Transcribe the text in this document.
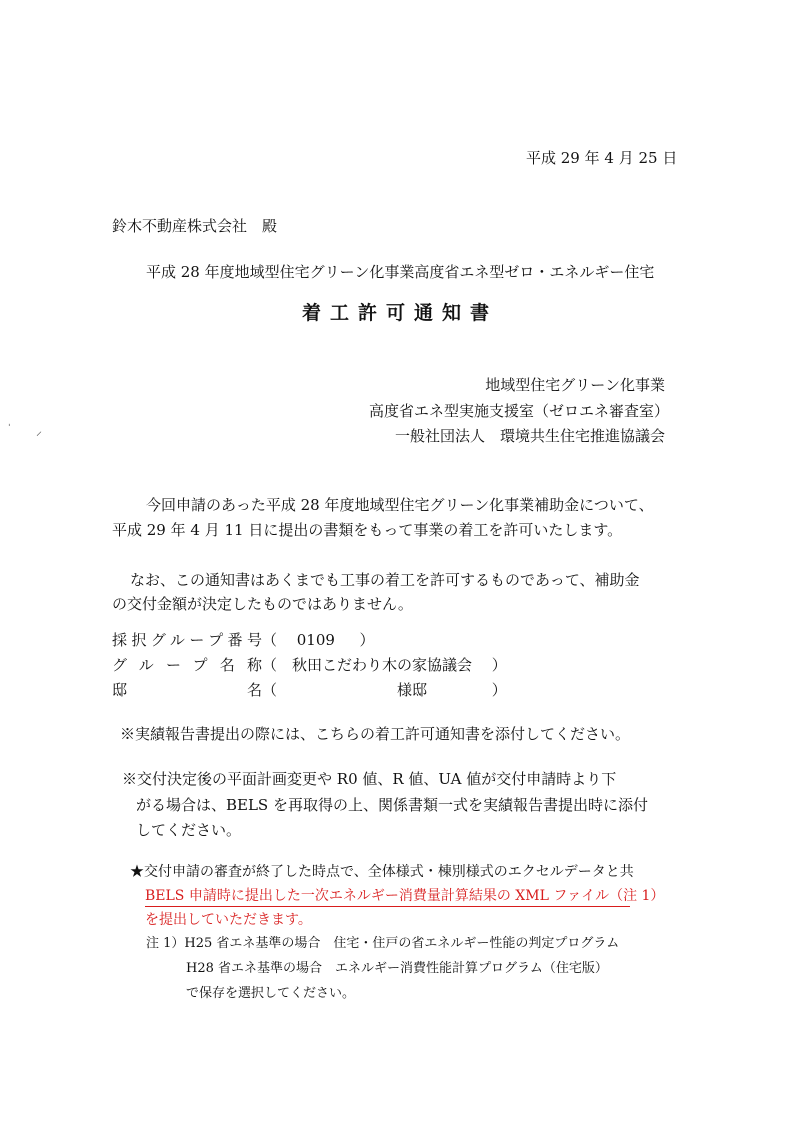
平成 29 年 4 月 25 日
鈴木不動産株式会社　殿
平成 28 年度地域型住宅グリーン化事業高度省エネ型ゼロ・エネルギー住宅
着工許可通知書
地域型住宅グリーン化事業
高度省エネ型実施支援室（ゼロエネ審査室）
一般社団法人　環境共生住宅推進協議会
ˈ ⸝
今回申請のあった平成 28 年度地域型住宅グリーン化事業補助金について、
平成 29 年 4 月 11 日に提出の書類をもって事業の着工を許可いたします。
なお、この通知書はあくまでも工事の着工を許可するものであって、補助金
の交付金額が決定したものではありません。
採択グループ番号（　 0109 　 ）
グループ名称（　秋田こだわり木の家協議会　 ）
邸名（　　　　　　　　様邸　　　　 ）
※実績報告書提出の際には、こちらの着工許可通知書を添付してください。
※交付決定後の平面計画変更や R0 値、R 値、UA 値が交付申請時より下
がる場合は、BELS を再取得の上、関係書類一式を実績報告書提出時に添付
してください。
★交付申請の審査が終了した時点で、全体様式・棟別様式のエクセルデータと共
BELS 申請時に提出した一次エネルギー消費量計算結果の XML ファイル（注 1）
を提出していただきます。
注 1）H25 省エネ基準の場合　住宅・住戸の省エネルギー性能の判定プログラム
H28 省エネ基準の場合　エネルギー消費性能計算プログラム（住宅版）
で保存を選択してください。
